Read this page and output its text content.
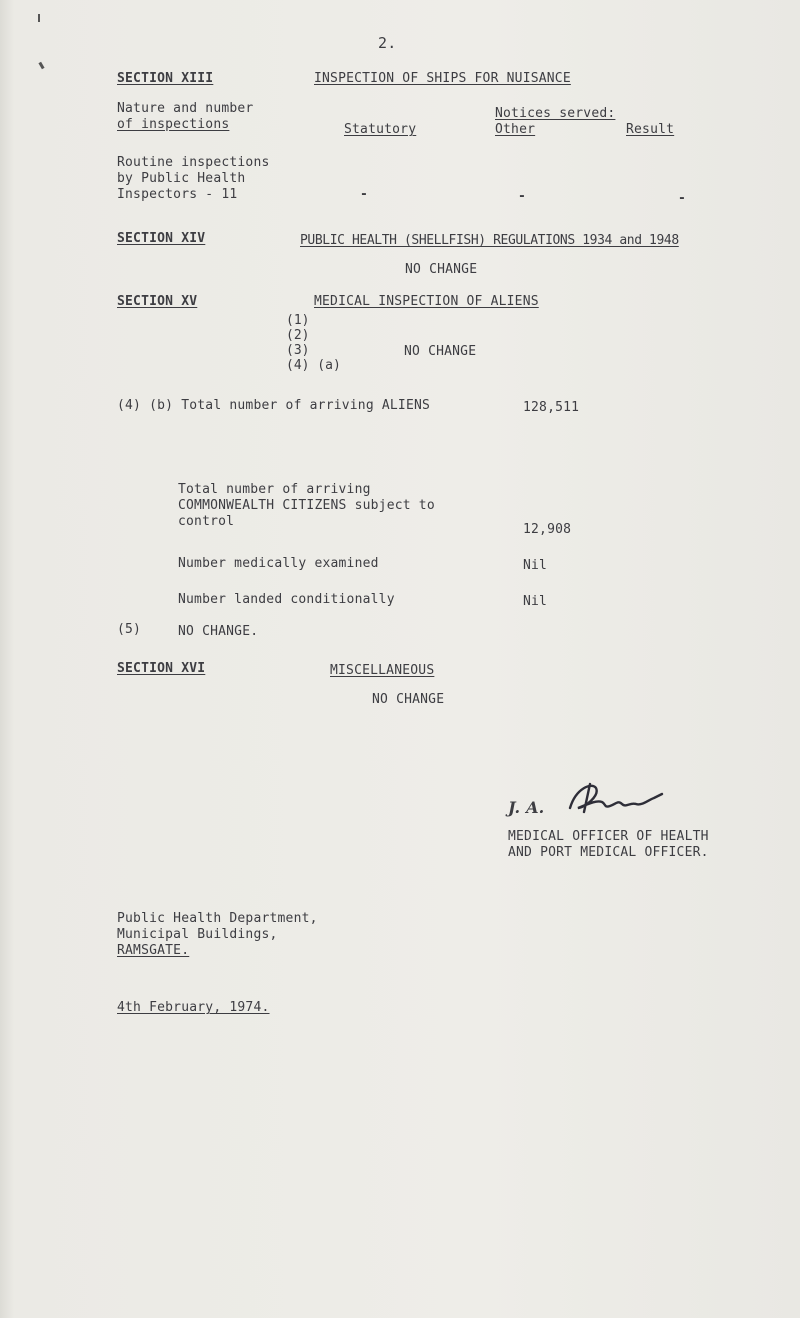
2.
SECTION XIII	INSPECTION OF SHIPS FOR NUISANCE
Nature and number
of inspections
Notices served:
Statutory	Other	Result
Routine inspections
by Public Health
Inspectors - 11	-	-	-
SECTION XIV	PUBLIC HEALTH (SHELLFISH) REGULATIONS 1934 and 1948
NO CHANGE
SECTION XV	MEDICAL INSPECTION OF ALIENS
(1)
(2)
(3)
(4) (a)
NO CHANGE
(4) (b) Total number of arriving ALIENS	128,511
Total number of arriving
COMMONWEALTH CITIZENS subject to
control
12,908
Number medically examined	Nil
Number landed conditionally	Nil
(5)	NO CHANGE.
SECTION XVI	MISCELLANEOUS
NO CHANGE
J. A.
MEDICAL OFFICER OF HEALTH
AND PORT MEDICAL OFFICER.
Public Health Department,
Municipal Buildings,
RAMSGATE.
4th February, 1974.
